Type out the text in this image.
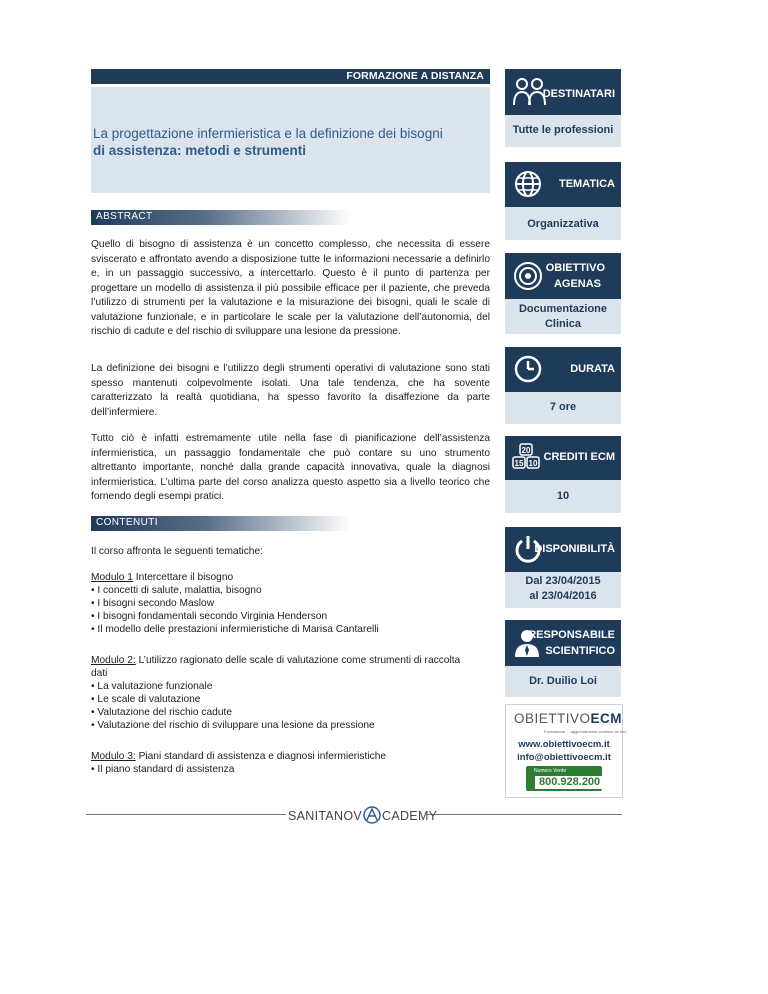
FORMAZIONE A DISTANZA
La progettazione infermieristica e la definizione dei bisogni
di assistenza: metodi e strumenti
ABSTRACT
Quello di bisogno di assistenza è un concetto complesso, che necessita di essere sviscerato e affrontato avendo a disposizione tutte le informazioni necessarie a definirlo e, in un passaggio successivo, a intercettarlo. Questo è il punto di partenza per progettare un modello di assistenza il più possibile efficace per il paziente, che preveda l’utilizzo di strumenti per la valutazione e la misurazione dei bisogni, quali le scale di valutazione funzionale, e in particolare le scale per la valutazione dell’autonomia, del rischio di cadute e del rischio di sviluppare una lesione da pressione.
La definizione dei bisogni e l’utilizzo degli strumenti operativi di valutazione sono stati spesso mantenuti colpevolmente isolati. Una tale tendenza, che ha sovente caratterizzato la realtà quotidiana, ha spesso favorito la disaffezione da parte dell’infermiere.
Tutto ciò è infatti estremamente utile nella fase di pianificazione dell’assistenza infermieristica, un passaggio fondamentale che può contare su uno strumento altrettanto importante, nonché dalla grande capacità innovativa, quale la diagnosi infermieristica. L’ultima parte del corso analizza questo aspetto sia a livello teorico che fornendo degli esempi pratici.
CONTENUTI
Il corso affronta le seguenti tematiche:
Modulo 1 Intercettare il bisogno
• I concetti di salute, malattia, bisogno
• I bisogni secondo Maslow
• I bisogni fondamentali secondo Virginia Henderson
• Il modello delle prestazioni infermieristiche di Marisa Cantarelli
Modulo 2: L’utilizzo ragionato delle scale di valutazione come strumenti di raccolta
dati
• La valutazione funzionale
• Le scale di valutazione
• Valutazione del rischio cadute
• Valutazione del rischio di sviluppare una lesione da pressione
Modulo 3: Piani standard di assistenza e diagnosi infermieristiche
• Il piano standard di assistenza
DESTINATARI
Tutte le professioni
TEMATICA
Organizzativa
OBIETTIVO
AGENAS
Documentazione
Clinica
DURATA
7 ore
20
15 10
CREDITI ECM
10
DISPONIBILITÀ
Dal 23/04/2015
al 23/04/2016
RESPONSABILE
SCIENTIFICO
Dr. Duilio Loi
OBIETTIVOECM
Formazione ... aggiornamento continuo on line
www.obiettivoecm.it
info@obiettivoecm.it
Numero Verde
800.928.200
SANITANOV CADEMY
